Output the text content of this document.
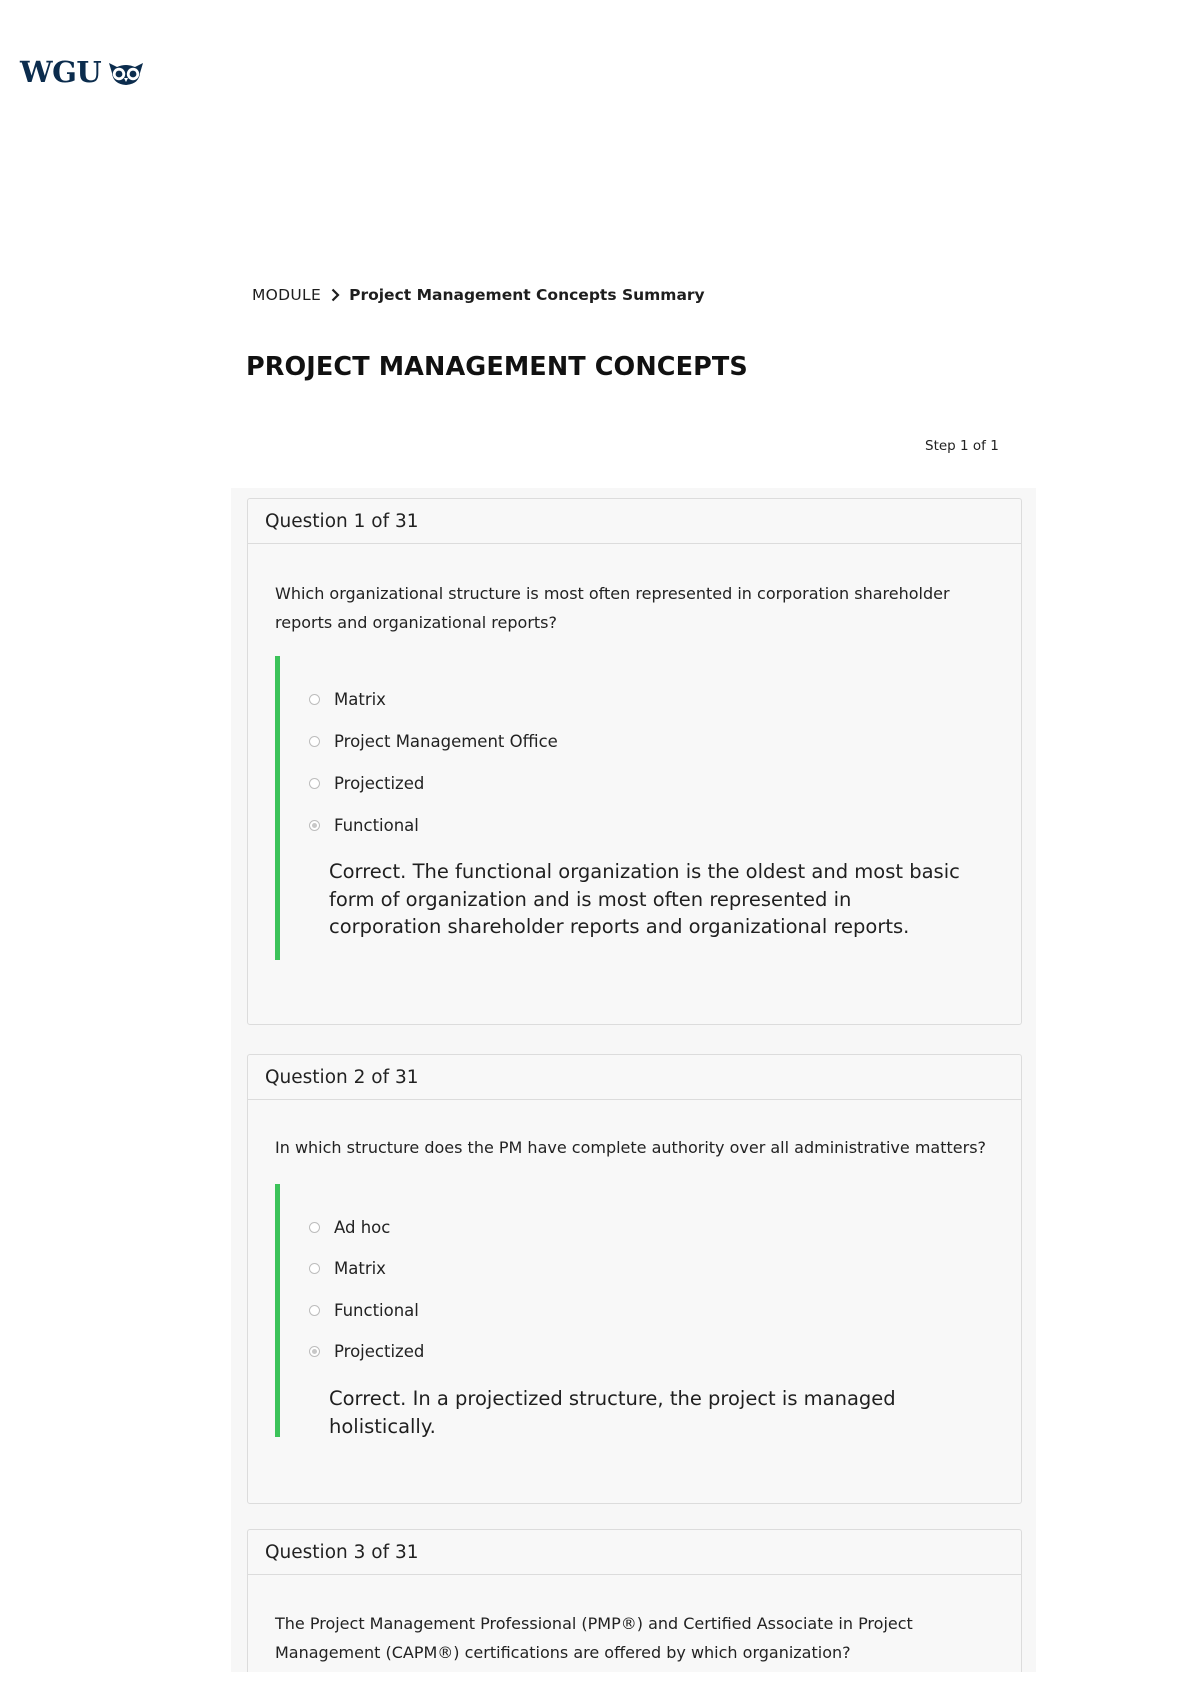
WGU
MODULE Project Management Concepts Summary
PROJECT MANAGEMENT CONCEPTS
Step 1 of 1
Question 1 of 31

Which organizational structure is most often represented in corporation shareholder reports and organizational reports?

Matrix
Project Management Office
Projectized
Functional

Correct. The functional organization is the oldest and most basic form of organization and is most often represented in corporation shareholder reports and organizational reports.

Question 2 of 31

In which structure does the PM have complete authority over all administrative matters?

Ad hoc
Matrix
Functional
Projectized

Correct. In a projectized structure, the project is managed holistically.

Question 3 of 31

The Project Management Professional (PMP®) and Certified Associate in Project Management (CAPM®) certifications are offered by which organization?
